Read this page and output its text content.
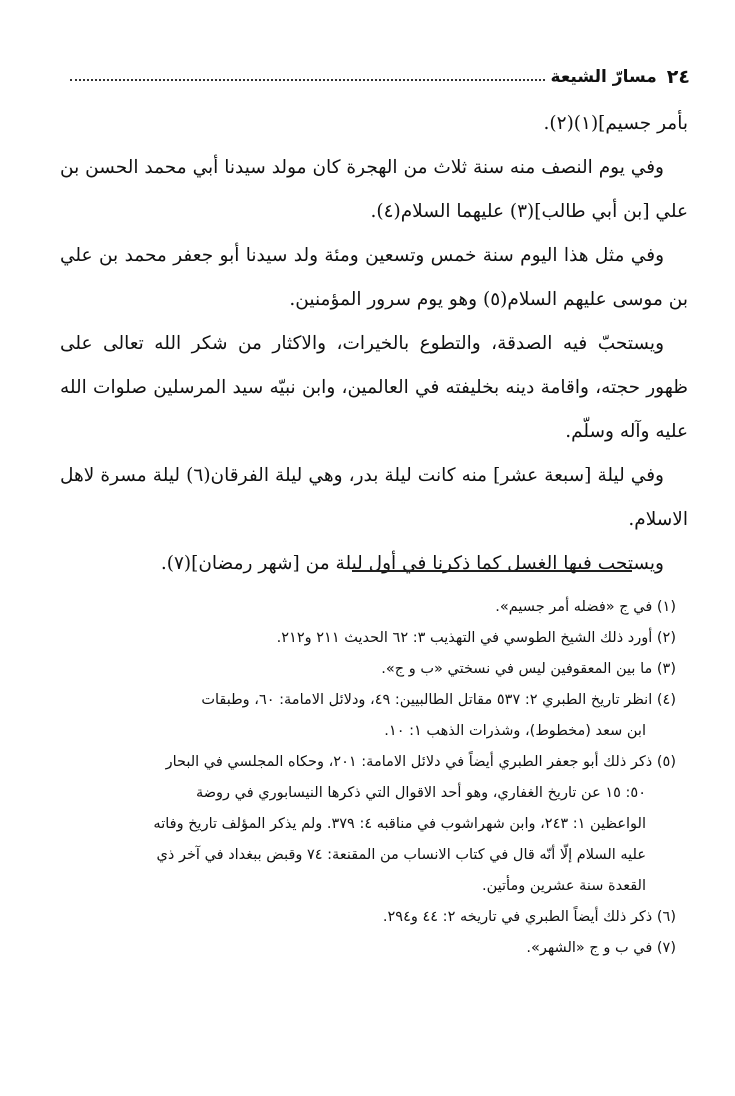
٢٤
مسارّ الشيعة

بأمر جسيم](١)(٢).

وفي يوم النصف منه سنة ثلاث من الهجرة كان مولد سيدنا أبي محمد الحسن بن علي [بن أبي طالب](٣) عليهما السلام(٤).

وفي مثل هذا اليوم سنة خمس وتسعين ومئة ولد سيدنا أبو جعفر محمد بن علي بن موسى عليهم السلام(٥) وهو يوم سرور المؤمنين.

ويستحبّ فيه الصدقة، والتطوع بالخيرات، والاكثار من شكر الله تعالى على ظهور حجته، واقامة دينه بخليفته في العالمين، وابن نبيّه سيد المرسلين صلوات الله عليه وآله وسلّم.

وفي ليلة [سبعة عشر] منه كانت ليلة بدر، وهي ليلة الفرقان(٦) ليلة مسرة لاهل الاسلام.

ويستحب فيها الغسل كما ذكرنا في أول ليلة من [شهر رمضان](٧).

(١) في ج «فضله أمر جسيم».

(٢) أورد ذلك الشيخ الطوسي في التهذيب ٣: ٦٢ الحديث ٢١١ و٢١٢.

(٣) ما بين المعقوفين ليس في نسختي «ب و ج».

(٤) انظر تاريخ الطبري ٢: ٥٣٧ مقاتل الطالبيين: ٤٩، ودلائل الامامة: ٦٠، وطبقات

ابن سعد (مخطوط)، وشذرات الذهب ١: ١٠.

(٥) ذكر ذلك أبو جعفر الطبري أيضاً في دلائل الامامة: ٢٠١، وحكاه المجلسي في البحار

٥٠: ١٥ عن تاريخ الغفاري، وهو أحد الاقوال التي ذكرها النيسابوري في روضة

الواعظين ١: ٢٤٣، وابن شهراشوب في مناقبه ٤: ٣٧٩. ولم يذكر المؤلف تاريخ وفاته

عليه السلام إلّا أنّه قال في كتاب الانساب من المقنعة: ٧٤ وقبض ببغداد في آخر ذي

القعدة سنة عشرين ومأتين.

(٦) ذكر ذلك أيضاً الطبري في تاريخه ٢: ٤٤ و٢٩٤.

(٧) في ب و ج «الشهر».
